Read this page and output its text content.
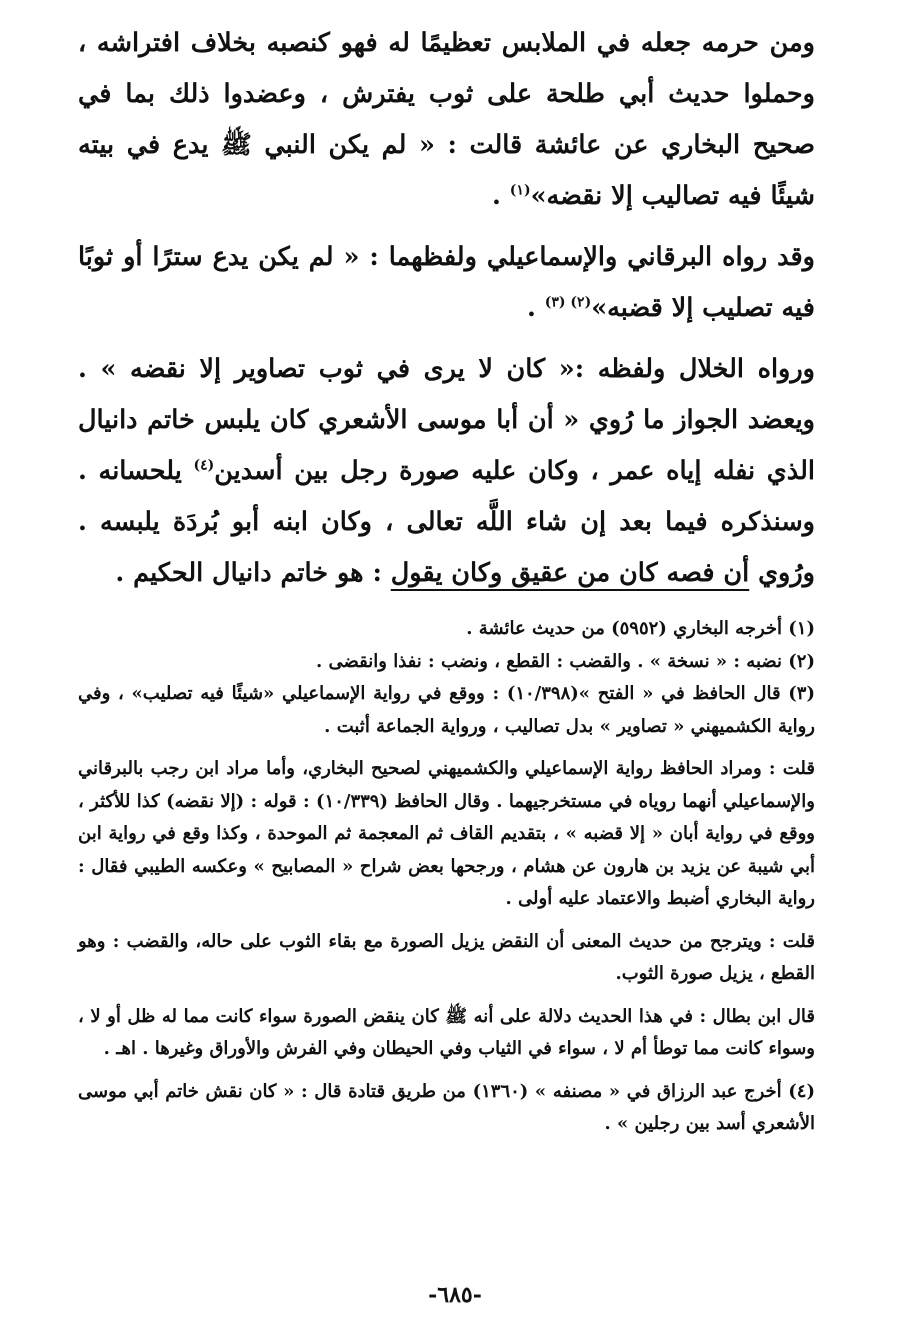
ومن حرمه جعله في الملابس تعظيمًا له فهو كنصبه بخلاف افتراشه ، وحملوا حديث أبي طلحة على ثوب يفترش ، وعضدوا ذلك بما في صحيح البخاري عن عائشة قالت : « لم يكن النبي ﷺ يدع في بيته شيئًا فيه تصاليب إلا نقضه»$^{(١)}$ .

وقد رواه البرقاني والإسماعيلي ولفظهما : « لم يكن يدع سترًا أو ثوبًا فيه تصليب إلا قضبه»$^{(٢) (٣)}$ .

ورواه الخلال ولفظه :« كان لا يرى في ثوب تصاوير إلا نقضه » . ويعضد الجواز ما رُوي « أن أبا موسى الأشعري كان يلبس خاتم دانيال الذي نفله إياه عمر ، وكان عليه صورة رجل بين أسدين$^{(٤)}$ يلحسانه . وسنذكره فيما بعد إن شاء اللَّه تعالى ، وكان ابنه أبو بُردَة يلبسه . ورُوي أن فصه كان من عقيق وكان يقول : هو خاتم دانيال الحكيم .

(١) أخرجه البخاري (٥٩٥٢) من حديث عائشة .

(٢) نضبه : « نسخة » . والقضب : القطع ، ونضب : نفذا وانقضى .

(٣) قال الحافظ في « الفتح »(١٠/٣٩٨) : ووقع في رواية الإسماعيلي «شيئًا فيه تصليب» ، وفي رواية الكشميهني « تصاوير » بدل تصاليب ، ورواية الجماعة أثبت .

قلت : ومراد الحافظ رواية الإسماعيلي والكشميهني لصحيح البخاري، وأما مراد ابن رجب بالبرقاني والإسماعيلي أنهما روياه في مستخرجيهما . وقال الحافظ (١٠/٣٣٩) : قوله : (إلا نقضه) كذا للأكثر ، ووقع في رواية أبان « إلا قضبه » ، بتقديم القاف ثم المعجمة ثم الموحدة ، وكذا وقع في رواية ابن أبي شيبة عن يزيد بن هارون عن هشام ، ورجحها بعض شراح « المصابيح » وعكسه الطيبي فقال : رواية البخاري أضبط والاعتماد عليه أولى .

قلت : ويترجح من حديث المعنى أن النقض يزيل الصورة مع بقاء الثوب على حاله، والقضب : وهو القطع ، يزيل صورة الثوب.

قال ابن بطال : في هذا الحديث دلالة على أنه ﷺ كان ينقض الصورة سواء كانت مما له ظل أو لا ، وسواء كانت مما توطأ أم لا ، سواء في الثياب وفي الحيطان وفي الفرش والأوراق وغيرها . اهـ .

(٤) أخرج عبد الرزاق في « مصنفه » (١٣٦٠) من طريق قتادة قال : « كان نقش خاتم أبي موسى الأشعري أسد بين رجلين » .

-٦٨٥-
